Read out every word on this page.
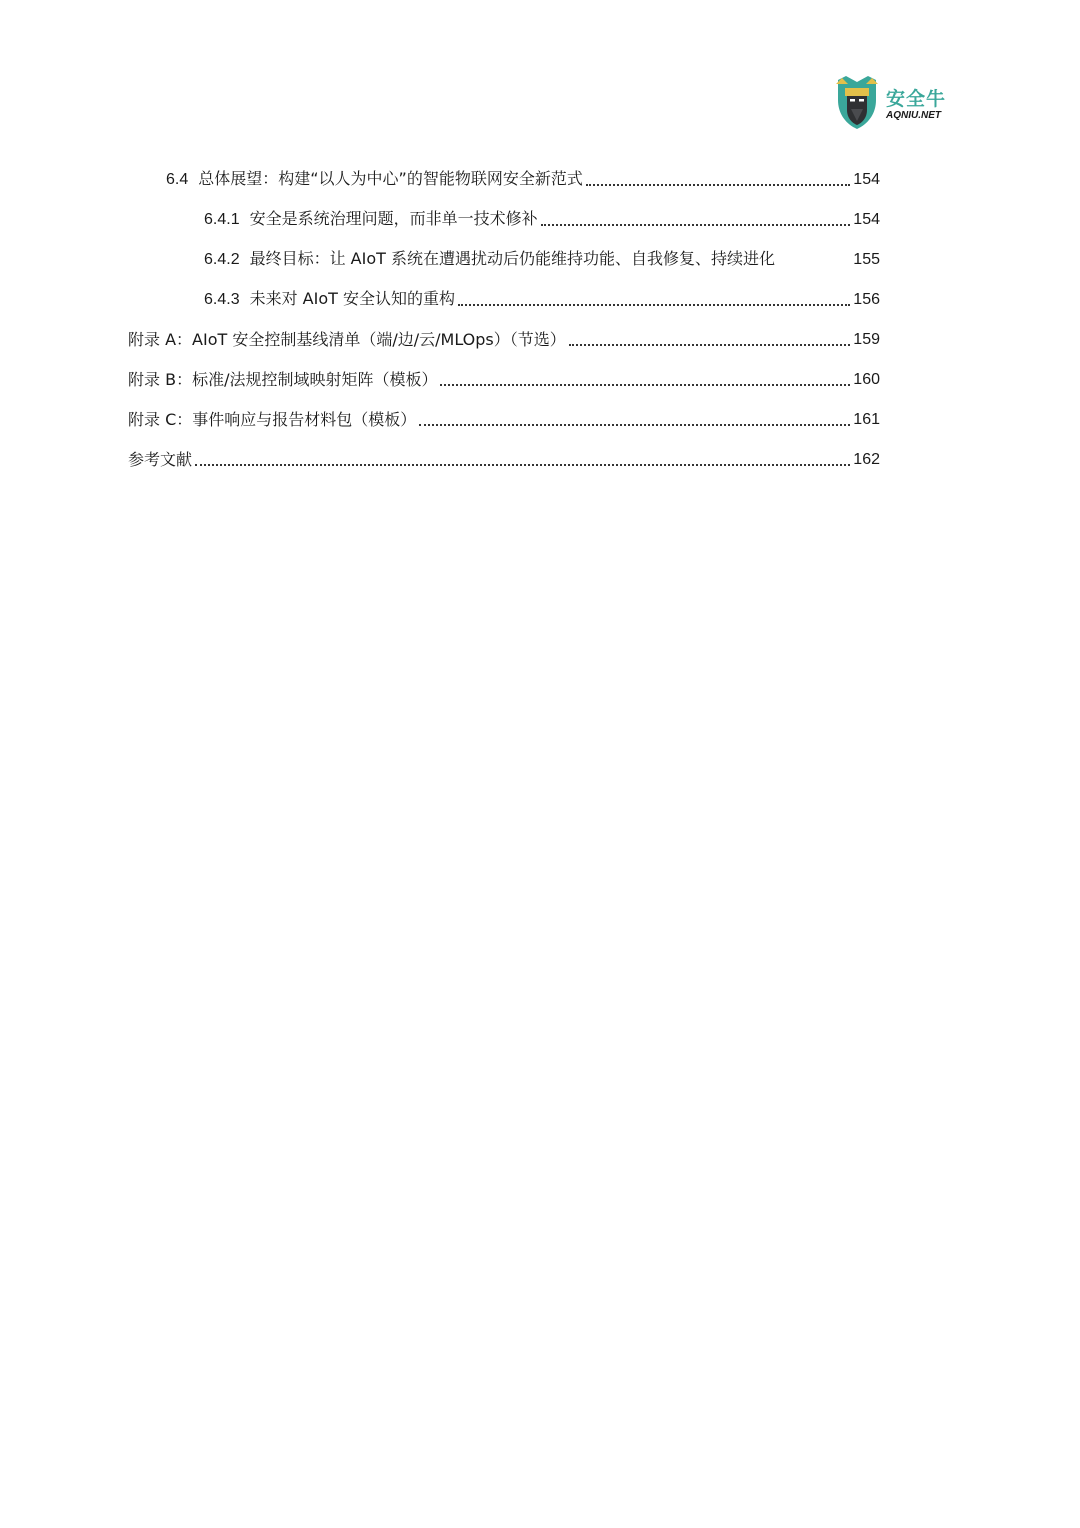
安全牛
AQNIU.NET
6.4 总体展望：构建“以人为中心”的智能物联网安全新范式	154
6.4.1 安全是系统治理问题，而非单一技术修补	154
6.4.2 最终目标：让 AIoT 系统在遭遇扰动后仍能维持功能、自我修复、持续进化	155
6.4.3 未来对 AIoT 安全认知的重构	156
附录 A：AIoT 安全控制基线清单（端/边/云/MLOps）（节选）	159
附录 B：标准/法规控制域映射矩阵（模板）	160
附录 C：事件响应与报告材料包（模板）	161
参考文献	162
